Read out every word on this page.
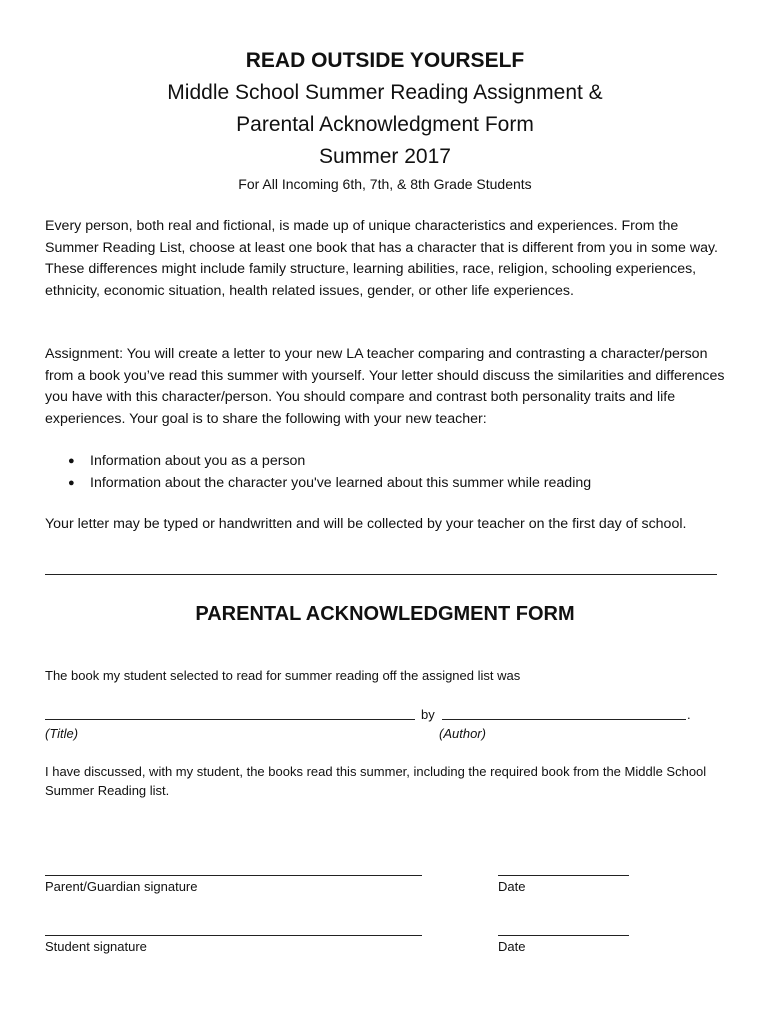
READ OUTSIDE YOURSELF
Middle School Summer Reading Assignment &
Parental Acknowledgment Form
Summer 2017
For All Incoming 6th, 7th, & 8th Grade Students

Every person, both real and fictional, is made up of unique characteristics and experiences. From the Summer Reading List, choose at least one book that has a character that is different from you in some way. These differences might include family structure, learning abilities, race, religion, schooling experiences, ethnicity, economic situation, health related issues, gender, or other life experiences.

Assignment: You will create a letter to your new LA teacher comparing and contrasting a character/person from a book you’ve read this summer with yourself. Your letter should discuss the similarities and differences you have with this character/person. You should compare and contrast both personality traits and life experiences. Your goal is to share the following with your new teacher:

● Information about you as a person
● Information about the character you've learned about this summer while reading

Your letter may be typed or handwritten and will be collected by your teacher on the first day of school.

PARENTAL ACKNOWLEDGMENT FORM
The book my student selected to read for summer reading off the assigned list was
by	.
(Title)	(Author)
I have discussed, with my student, the books read this summer, including the required book from the Middle School Summer Reading list.
Parent/Guardian signature	Date
Student signature	Date
